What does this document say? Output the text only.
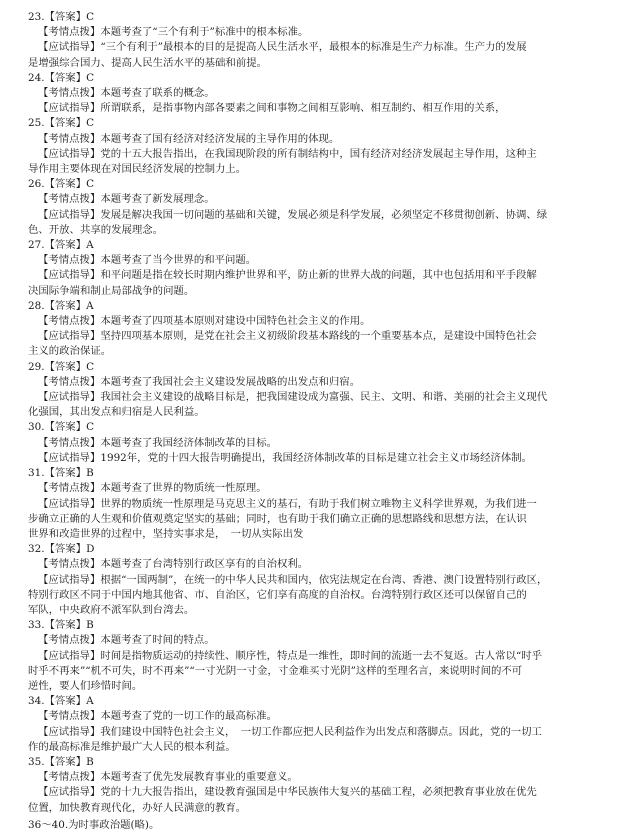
23.【答案】C
【考情点拨】本题考查了“三个有利于”标准中的根本标准。
【应试指导】“三个有利于”最根本的目的是提高人民生活水平，最根本的标准是生产力标准。生产力的发展
是增强综合国力、提高人民生活水平的基础和前提。
24.【答案】C
【考情点拨】本题考查了联系的概念。
【应试指导】所谓联系，是指事物内部各要素之间和事物之间相互影响、相互制约、相互作用的关系，
25.【答案】C
【考情点拨】本题考查了国有经济对经济发展的主导作用的体现。
【应试指导】党的十五大报告指出，在我国现阶段的所有制结构中，国有经济对经济发展起主导作用，这种主
导作用主要体现在对国民经济发展的控制力上。
26.【答案】C
【考情点拨】本题考查了新发展理念。
【应试指导】发展是解决我国一切问题的基础和关键，发展必须是科学发展，必须坚定不移贯彻创新、协调、绿
色、开放、共享的发展理念。
27.【答案】A
【考情点拨】本题考查了当今世界的和平问题。
【应试指导】和平问题是指在较长时期内维护世界和平，防止新的世界大战的问题，其中也包括用和平手段解
决国际争端和制止局部战争的问题。
28.【答案】A
【考情点拨】本题考查了四项基本原则对建设中国特色社会主义的作用。
【应试指导】坚持四项基本原则，是党在社会主义初级阶段基本路线的一个重要基本点，是建设中国特色社会
主义的政治保证。
29.【答案】C
【考情点拨】本题考查了我国社会主义建设发展战略的出发点和归宿。
【应试指导】我国社会主义建设的战略目标是，把我国建设成为富强、民主、文明、和谐、美丽的社会主义现代
化强国，其出发点和归宿是人民利益。
30.【答案】C
【考情点拨】本题考查了我国经济体制改革的目标。
【应试指导】1992年，党的十四大报告明确提出，我国经济体制改革的目标是建立社会主义市场经济体制。
31.【答案】B
【考情点拨】本题考查了世界的物质统一性原理。
【应试指导】世界的物质统一性原理是马克思主义的基石，有助于我们树立唯物主义科学世界观，为我们进一
步确立正确的人生观和价值观奠定坚实的基础；同时，也有助于我们确立正确的思想路线和思想方法，在认识
世界和改造世界的过程中，坚持实事求是，　一切从实际出发
32.【答案】D
【考情点拨】本题考查了台湾特别行政区享有的自治权利。
【应试指导】根据“一国两制”，在统一的中华人民共和国内，依宪法规定在台湾、香港、澳门设置特别行政区，
特别行政区不同于中国内地其他省、市、自治区，它们享有高度的自治权。台湾特别行政区还可以保留自己的
军队，中央政府不派军队到台湾去。
33.【答案】B
【考情点拨】本题考查了时间的特点。
【应试指导】时间是指物质运动的持续性、顺序性，特点是一维性，即时间的流逝一去不复返。古人常以“时乎
时乎不再来”“机不可失，时不再来”“一寸光阴一寸金，寸金难买寸光阴”这样的至理名言，来说明时间的不可
逆性，要人们珍惜时间。
34.【答案】A
【考情点拨】本题考查了党的一切工作的最高标准。
【应试指导】我们建设中国特色社会主义，　一切工作都应把人民利益作为出发点和落脚点。因此，党的一切工
作的最高标准是维护最广大人民的根本利益。
35.【答案】B
【考情点拨】本题考查了优先发展教育事业的重要意义。
【应试指导】党的十九大报告指出，建设教育强国是中华民族伟大复兴的基础工程，必须把教育事业放在优先
位置，加快教育现代化，办好人民满意的教育。
36～40.为时事政治题(略)。
